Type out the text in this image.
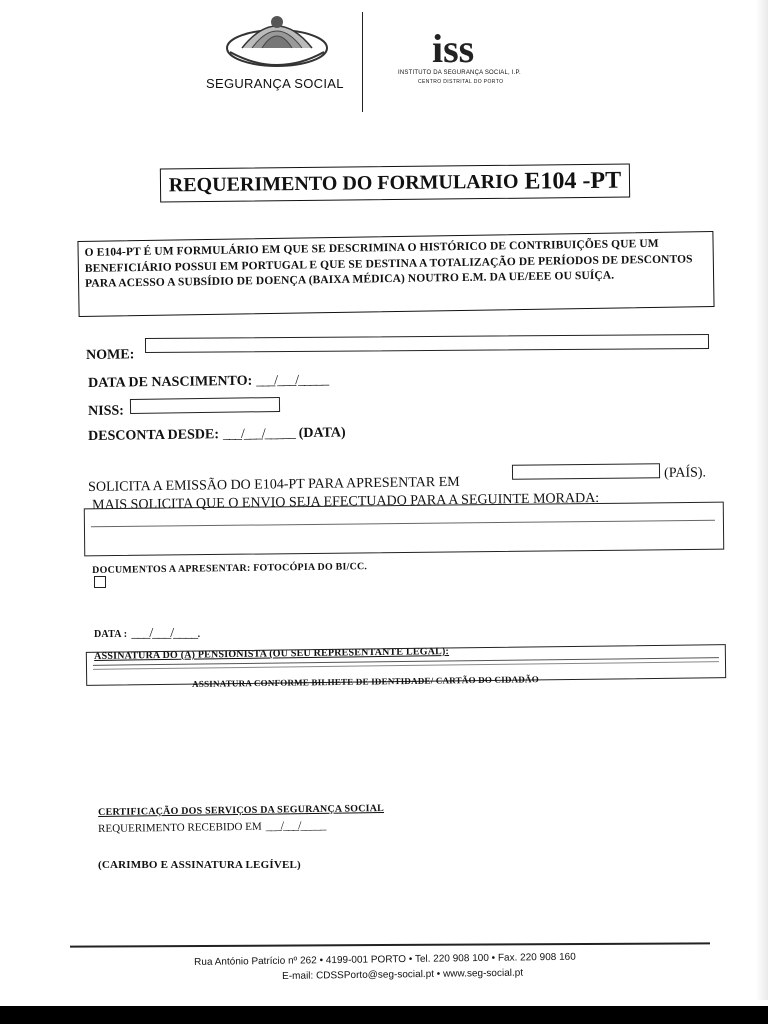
SEGURANÇA SOCIAL
iss
INSTITUTO DA SEGURANÇA SOCIAL, I.P.
CENTRO DISTRITAL DO PORTO
REQUERIMENTO DO FORMULARIO E104 -PT
O E104-PT É UM FORMULÁRIO EM QUE SE DESCRIMINA O HISTÓRICO DE CONTRIBUIÇÕES QUE UM BENEFICIÁRIO POSSUI EM PORTUGAL E QUE SE DESTINA A TOTALIZAÇÃO DE PERÍODOS DE DESCONTOS PARA ACESSO A SUBSÍDIO DE DOENÇA (BAIXA MÉDICA) NOUTRO E.M. DA UE/EEE OU SUÍÇA.
NOME:
DATA DE NASCIMENTO: ___/___/_____
NISS:
DESCONTA DESDE: ___/___/_____ (DATA)
SOLICITA A EMISSÃO DO E104-PT PARA APRESENTAR EM
(PAÍS).
MAIS SOLICITA QUE O ENVIO SEJA EFECTUADO PARA A SEGUINTE MORADA:
DOCUMENTOS A APRESENTAR: FOTOCÓPIA DO BI/CC.
DATA : ___/___/____.
ASSINATURA DO (A) PENSIONISTA (OU SEU REPRESENTANTE LEGAL):
ASSINATURA CONFORME BILHETE DE IDENTIDADE/ CARTÃO DO CIDADÃO
CERTIFICAÇÃO DOS SERVIÇOS DA SEGURANÇA SOCIAL
REQUERIMENTO RECEBIDO EM ___/___/_____
(CARIMBO E ASSINATURA LEGÍVEL)
Rua António Patrício nº 262 • 4199-001 PORTO • Tel. 220 908 100 • Fax. 220 908 160
E-mail: CDSSPorto@seg-social.pt • www.seg-social.pt
